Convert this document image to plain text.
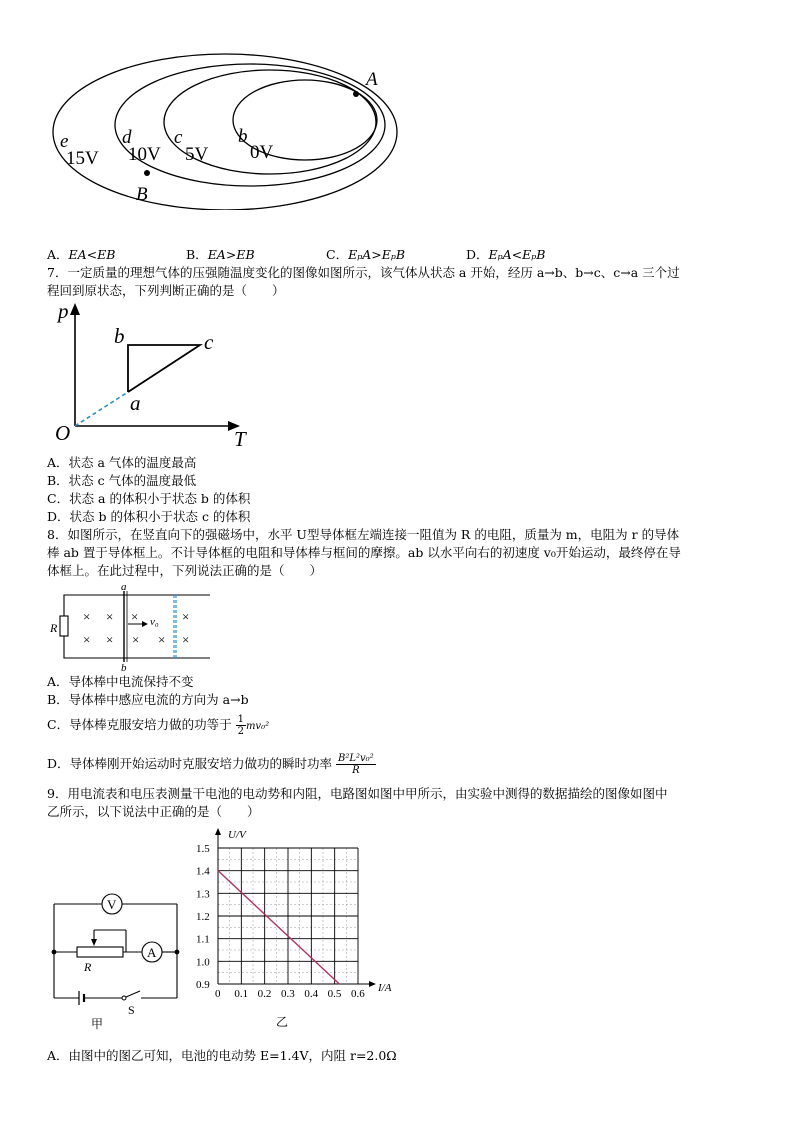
A
B
e
15V
d
10V
c
5V
b
0V
A．EA<EB	B．EA>EB	C．EₚA>EₚB	D．EₚA<EₚB
7．一定质量的理想气体的压强随温度变化的图像如图所示，该气体从状态 a 开始，经历 a→b、b→c、c→a 三个过
程回到原状态，下列判断正确的是（　　）
p
T
O
a
b	c
A．状态 a 气体的温度最高
B．状态 c 气体的温度最低
C．状态 a 的体积小于状态 b 的体积
D．状态 b 的体积小于状态 c 的体积
8．如图所示，在竖直向下的强磁场中，水平 U型导体框左端连接一阻值为 R 的电阻，质量为 m，电阻为 r 的导体
棒 ab 置于导体框上。不计导体框的电阻和导体棒与框间的摩擦。ab 以水平向右的初速度 v₀开始运动，最终停在导
体框上。在此过程中，下列说法正确的是（　　）
R
a
b
v₀
× × ×	×
× × × × ×
A．导体棒中电流保持不变
B．导体棒中感应电流的方向为 a→b
C．导体棒克服安培力做的功等于 $\frac{1}{2} mv_0^2$
D．导体棒刚开始运动时克服安培力做功的瞬时功率 $\frac{\text{B²L²v₀²}}{R}$
9．用电流表和电压表测量干电池的电动势和内阻，电路图如图中甲所示，由实验中测得的数据描绘的图像如图中
乙所示，以下说法中正确的是（　　）
V
R
A
S
甲
0 0.1 0.2 0.3 0.4 0.5 0.6
0.9
1.0
1.1
1.2
1.3
1.4
1.5
U/V
I/A
乙
A．由图中的图乙可知，电池的电动势 E=1.4V，内阻 r=2.0Ω
